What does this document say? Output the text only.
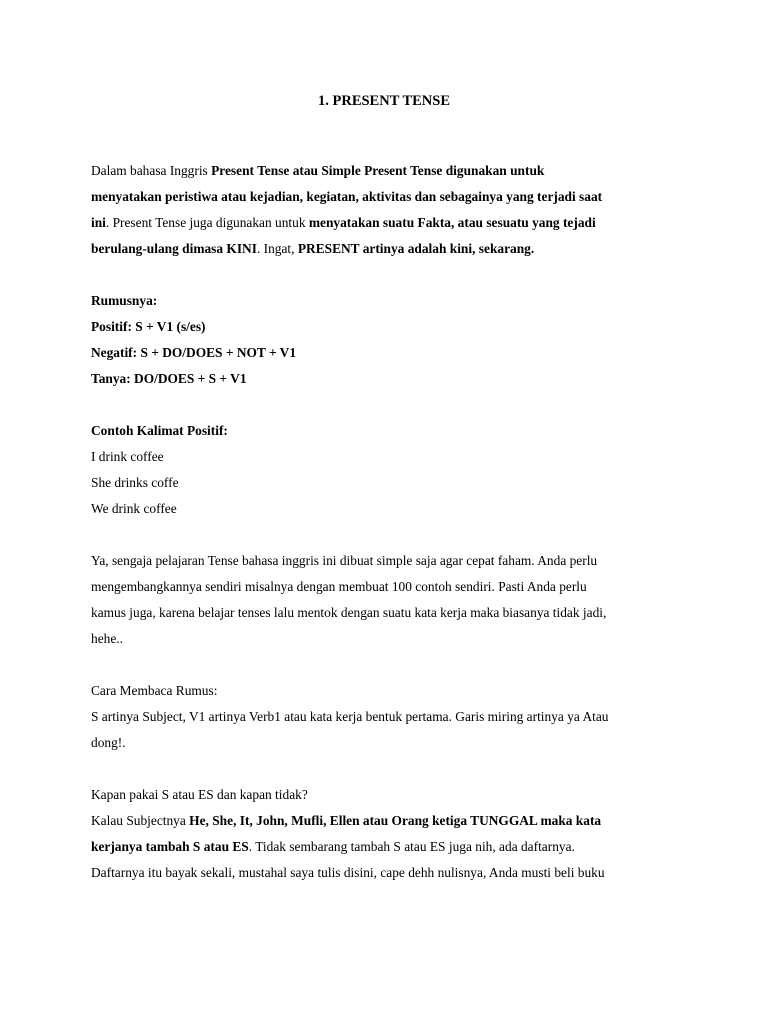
1. PRESENT TENSE

Dalam bahasa Inggris Present Tense atau Simple Present Tense digunakan untuk

menyatakan peristiwa atau kejadian, kegiatan, aktivitas dan sebagainya yang terjadi saat

ini. Present Tense juga digunakan untuk menyatakan suatu Fakta, atau sesuatu yang tejadi

berulang-ulang dimasa KINI. Ingat, PRESENT artinya adalah kini, sekarang.

Rumusnya:

Positif: S + V1 (s/es)

Negatif: S + DO/DOES + NOT + V1

Tanya: DO/DOES + S + V1

Contoh Kalimat Positif:

I drink coffee

She drinks coffe

We drink coffee

Ya, sengaja pelajaran Tense bahasa inggris ini dibuat simple saja agar cepat faham. Anda perlu

mengembangkannya sendiri misalnya dengan membuat 100 contoh sendiri. Pasti Anda perlu

kamus juga, karena belajar tenses lalu mentok dengan suatu kata kerja maka biasanya tidak jadi,

hehe..

Cara Membaca Rumus:

S artinya Subject, V1 artinya Verb1 atau kata kerja bentuk pertama. Garis miring artinya ya Atau

dong!.

Kapan pakai S atau ES dan kapan tidak?

Kalau Subjectnya He, She, It, John, Mufli, Ellen atau Orang ketiga TUNGGAL maka kata

kerjanya tambah S atau ES. Tidak sembarang tambah S atau ES juga nih, ada daftarnya.

Daftarnya itu bayak sekali, mustahal saya tulis disini, cape dehh nulisnya, Anda musti beli buku
